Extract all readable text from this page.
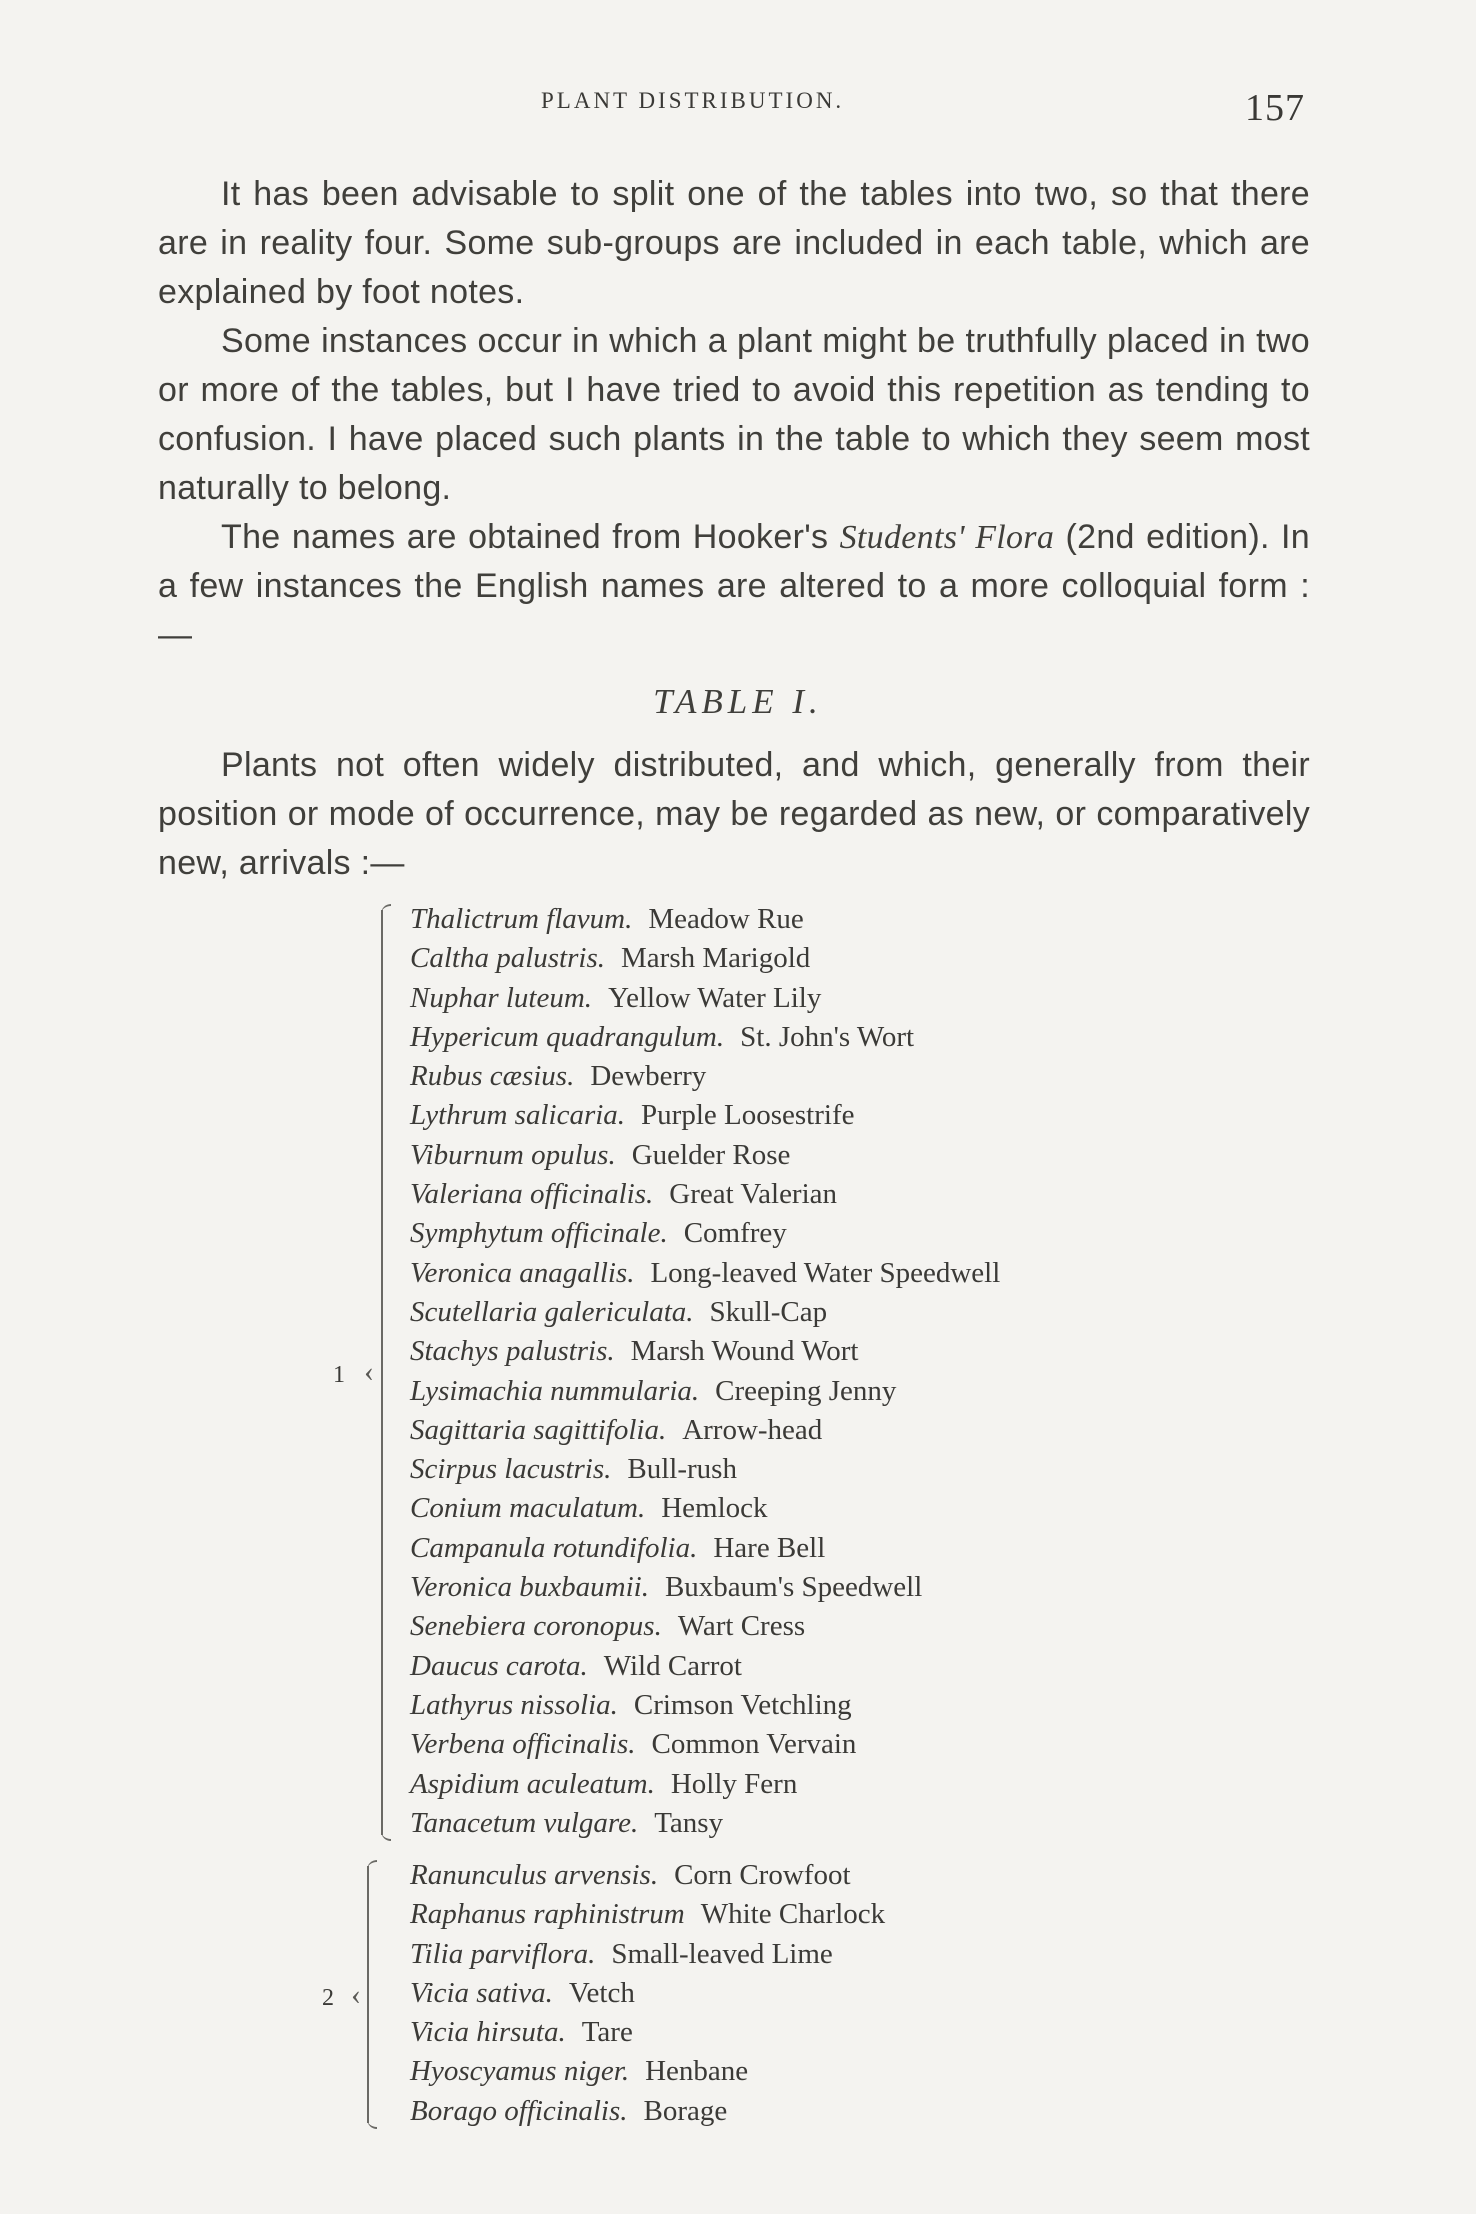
PLANT DISTRIBUTION.	157

It has been advisable to split one of the tables into two, so that there are in reality four. Some sub-groups are included in each table, which are explained by foot notes.

Some instances occur in which a plant might be truthfully placed in two or more of the tables, but I have tried to avoid this repetition as tending to confusion. I have placed such plants in the table to which they seem most naturally to belong.

The names are obtained from Hooker's Students' Flora (2nd edition). In a few instances the English names are altered to a more colloquial form :—

TABLE I.

Plants not often widely distributed, and which, generally from their position or mode of occurrence, may be regarded as new, or comparatively new, arrivals :—

Thalictrum flavum. Meadow Rue
Caltha palustris. Marsh Marigold
Nuphar luteum. Yellow Water Lily
Hypericum quadrangulum. St. John's Wort
Rubus cæsius. Dewberry
Lythrum salicaria. Purple Loosestrife
Viburnum opulus. Guelder Rose
Valeriana officinalis. Great Valerian
Symphytum officinale. Comfrey
Veronica anagallis. Long-leaved Water Speedwell
Scutellaria galericulata. Skull-Cap
Stachys palustris. Marsh Wound Wort
Lysimachia nummularia. Creeping Jenny
Sagittaria sagittifolia. Arrow-head
Scirpus lacustris. Bull-rush
Conium maculatum. Hemlock
Campanula rotundifolia. Hare Bell
Veronica buxbaumii. Buxbaum's Speedwell
Senebiera coronopus. Wart Cress
Daucus carota. Wild Carrot
Lathyrus nissolia. Crimson Vetchling
Verbena officinalis. Common Vervain
Aspidium aculeatum. Holly Fern
Tanacetum vulgare. Tansy
‹
1
Ranunculus arvensis. Corn Crowfoot
Raphanus raphinistrum White Charlock
Tilia parviflora. Small-leaved Lime
Vicia sativa. Vetch
Vicia hirsuta. Tare
Hyoscyamus niger. Henbane
Borago officinalis. Borage
‹
2
